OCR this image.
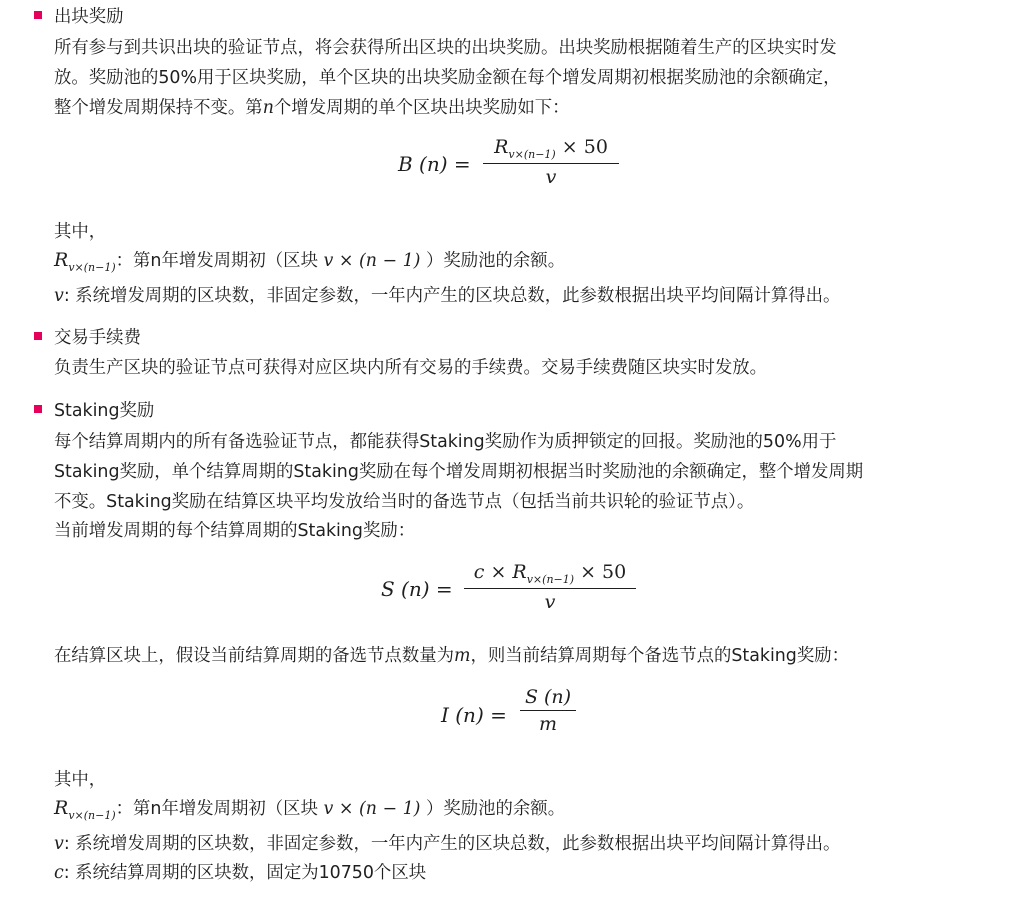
出块奖励
所有参与到共识出块的验证节点，将会获得所出区块的出块奖励。出块奖励根据随着生产的区块实时发
放。奖励池的50%用于区块奖励，单个区块的出块奖励金额在每个增发周期初根据奖励池的余额确定，
整个增发周期保持不变。第n个增发周期的单个区块出块奖励如下：
B (n) =
$R_{v\times(n-1)} \times 50$
v
其中，
$R_{v\times(n-1)}$：第n年增发周期初（区块 v × (n − 1) ）奖励池的余额。
v: 系统增发周期的区块数，非固定参数，一年内产生的区块总数，此参数根据出块平均间隔计算得出。
交易手续费
负责生产区块的验证节点可获得对应区块内所有交易的手续费。交易手续费随区块实时发放。
Staking奖励
每个结算周期内的所有备选验证节点，都能获得Staking奖励作为质押锁定的回报。奖励池的50%用于
Staking奖励，单个结算周期的Staking奖励在每个增发周期初根据当时奖励池的余额确定，整个增发周期
不变。Staking奖励在结算区块平均发放给当时的备选节点（包括当前共识轮的验证节点）。
当前增发周期的每个结算周期的Staking奖励：
S (n) =
$c \times R_{v\times(n-1)} \times 50$
v
在结算区块上，假设当前结算周期的备选节点数量为m，则当前结算周期每个备选节点的Staking奖励：
I (n) =
S (n)
m
其中，
$R_{v\times(n-1)}$：第n年增发周期初（区块 v × (n − 1) ）奖励池的余额。
v: 系统增发周期的区块数，非固定参数，一年内产生的区块总数，此参数根据出块平均间隔计算得出。
c: 系统结算周期的区块数，固定为10750个区块
